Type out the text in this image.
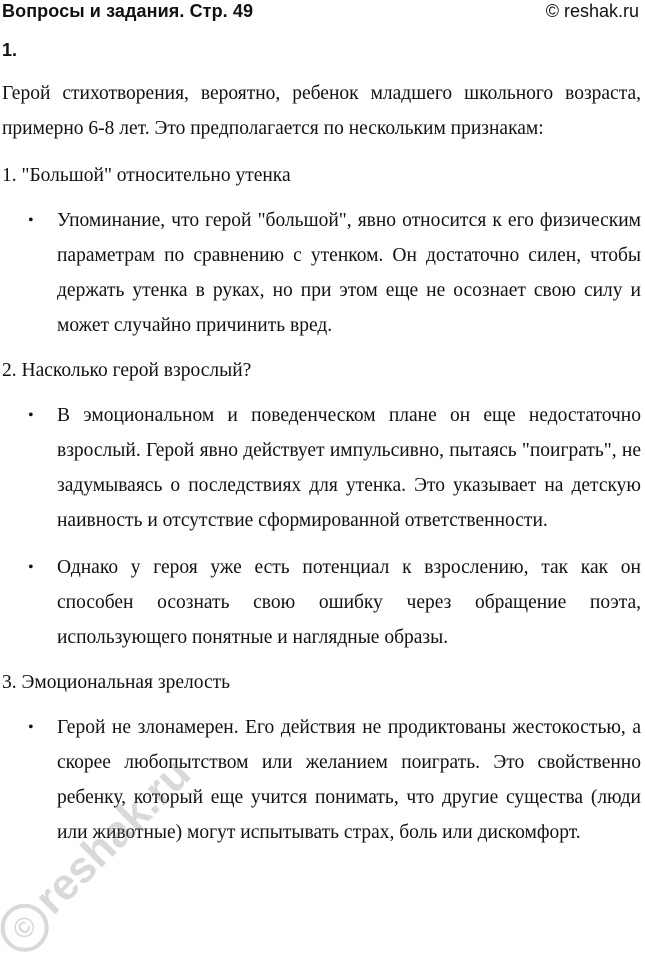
Вопросы и задания. Стр. 49	© reshak.ru
1.

Герой стихотворения, вероятно, ребенок младшего школьного возраста, примерно 6-8 лет. Это предполагается по нескольким признакам:

1. "Большой" относительно утенка

• Упоминание, что герой "большой", явно относится к его физическим параметрам по сравнению с утенком. Он достаточно силен, чтобы держать утенка в руках, но при этом еще не осознает свою силу и может случайно причинить вред.

2. Насколько герой взрослый?

• В эмоциональном и поведенческом плане он еще недостаточно взрослый. Герой явно действует импульсивно, пытаясь "поиграть", не задумываясь о последствиях для утенка. Это указывает на детскую наивность и отсутствие сформированной ответственности.
• Однако у героя уже есть потенциал к взрослению, так как он способен осознать свою ошибку через обращение поэта, использующего понятные и наглядные образы.

3. Эмоциональная зрелость

• Герой не злонамерен. Его действия не продиктованы жестокостью, а скорее любопытством или желанием поиграть. Это свойственно ребенку, который еще учится понимать, что другие существа (люди или животные) могут испытывать страх, боль или дискомфорт.
©reshak.ru
